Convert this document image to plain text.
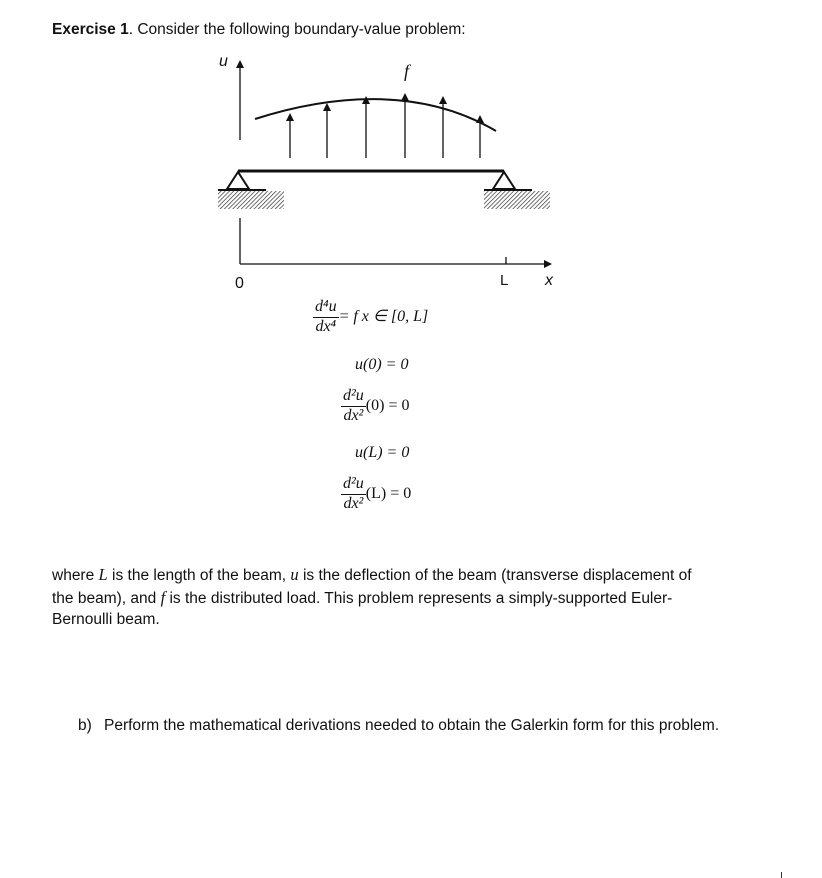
Exercise 1. Consider the following boundary-value problem:
u	f
0	L x
$\frac{\text{d⁴u}}{\text{dx⁴}} = f$ x ∈ [0, L]
u(0) = 0
$\frac{\text{d²u}}{\text{dx²}} (0) = 0$
u(L) = 0
$\frac{\text{d²u}}{\text{dx²}} (L) = 0$
where L is the length of the beam, u is the deflection of the beam (transverse displacement of the beam), and f is the distributed load. This problem represents a simply-supported Euler-Bernoulli beam.
b) Perform the mathematical derivations needed to obtain the Galerkin form for this problem.
